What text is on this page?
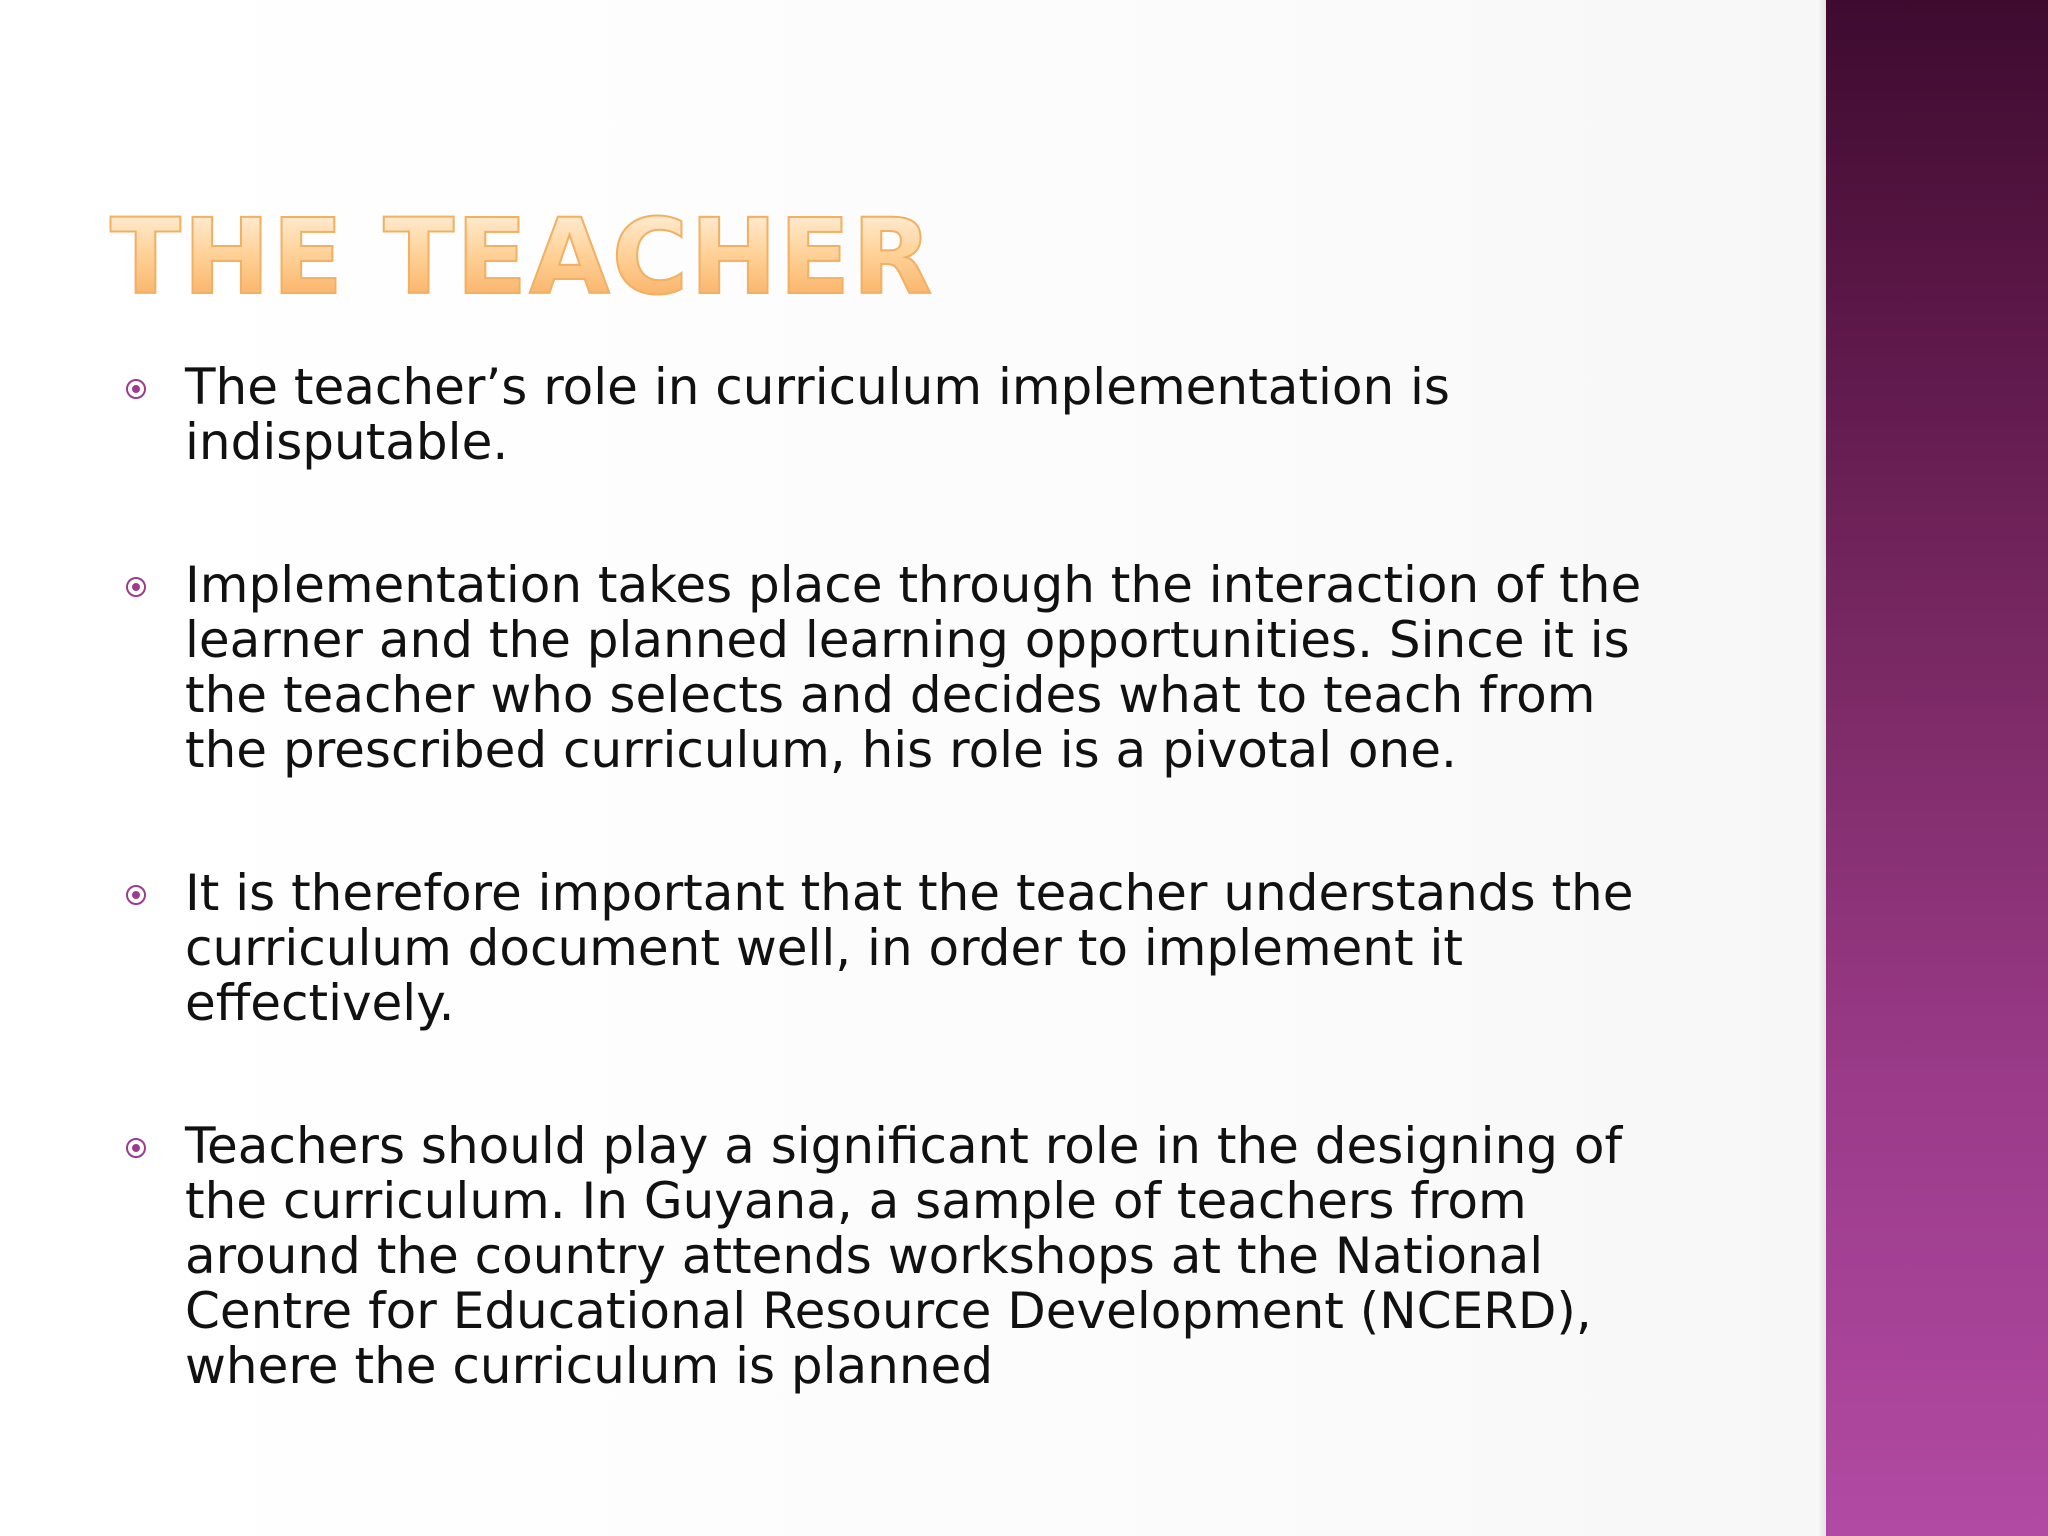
THE TEACHER
The teacher’s role in curriculum implementation is
indisputable.
Implementation takes place through the interaction of the
learner and the planned learning opportunities. Since it is
the teacher who selects and decides what to teach from
the prescribed curriculum, his role is a pivotal one.
It is therefore important that the teacher understands the
curriculum document well, in order to implement it
effectively.
Teachers should play a significant role in the designing of
the curriculum. In Guyana, a sample of teachers from
around the country attends workshops at the National
Centre for Educational Resource Development (NCERD),
where the curriculum is planned
